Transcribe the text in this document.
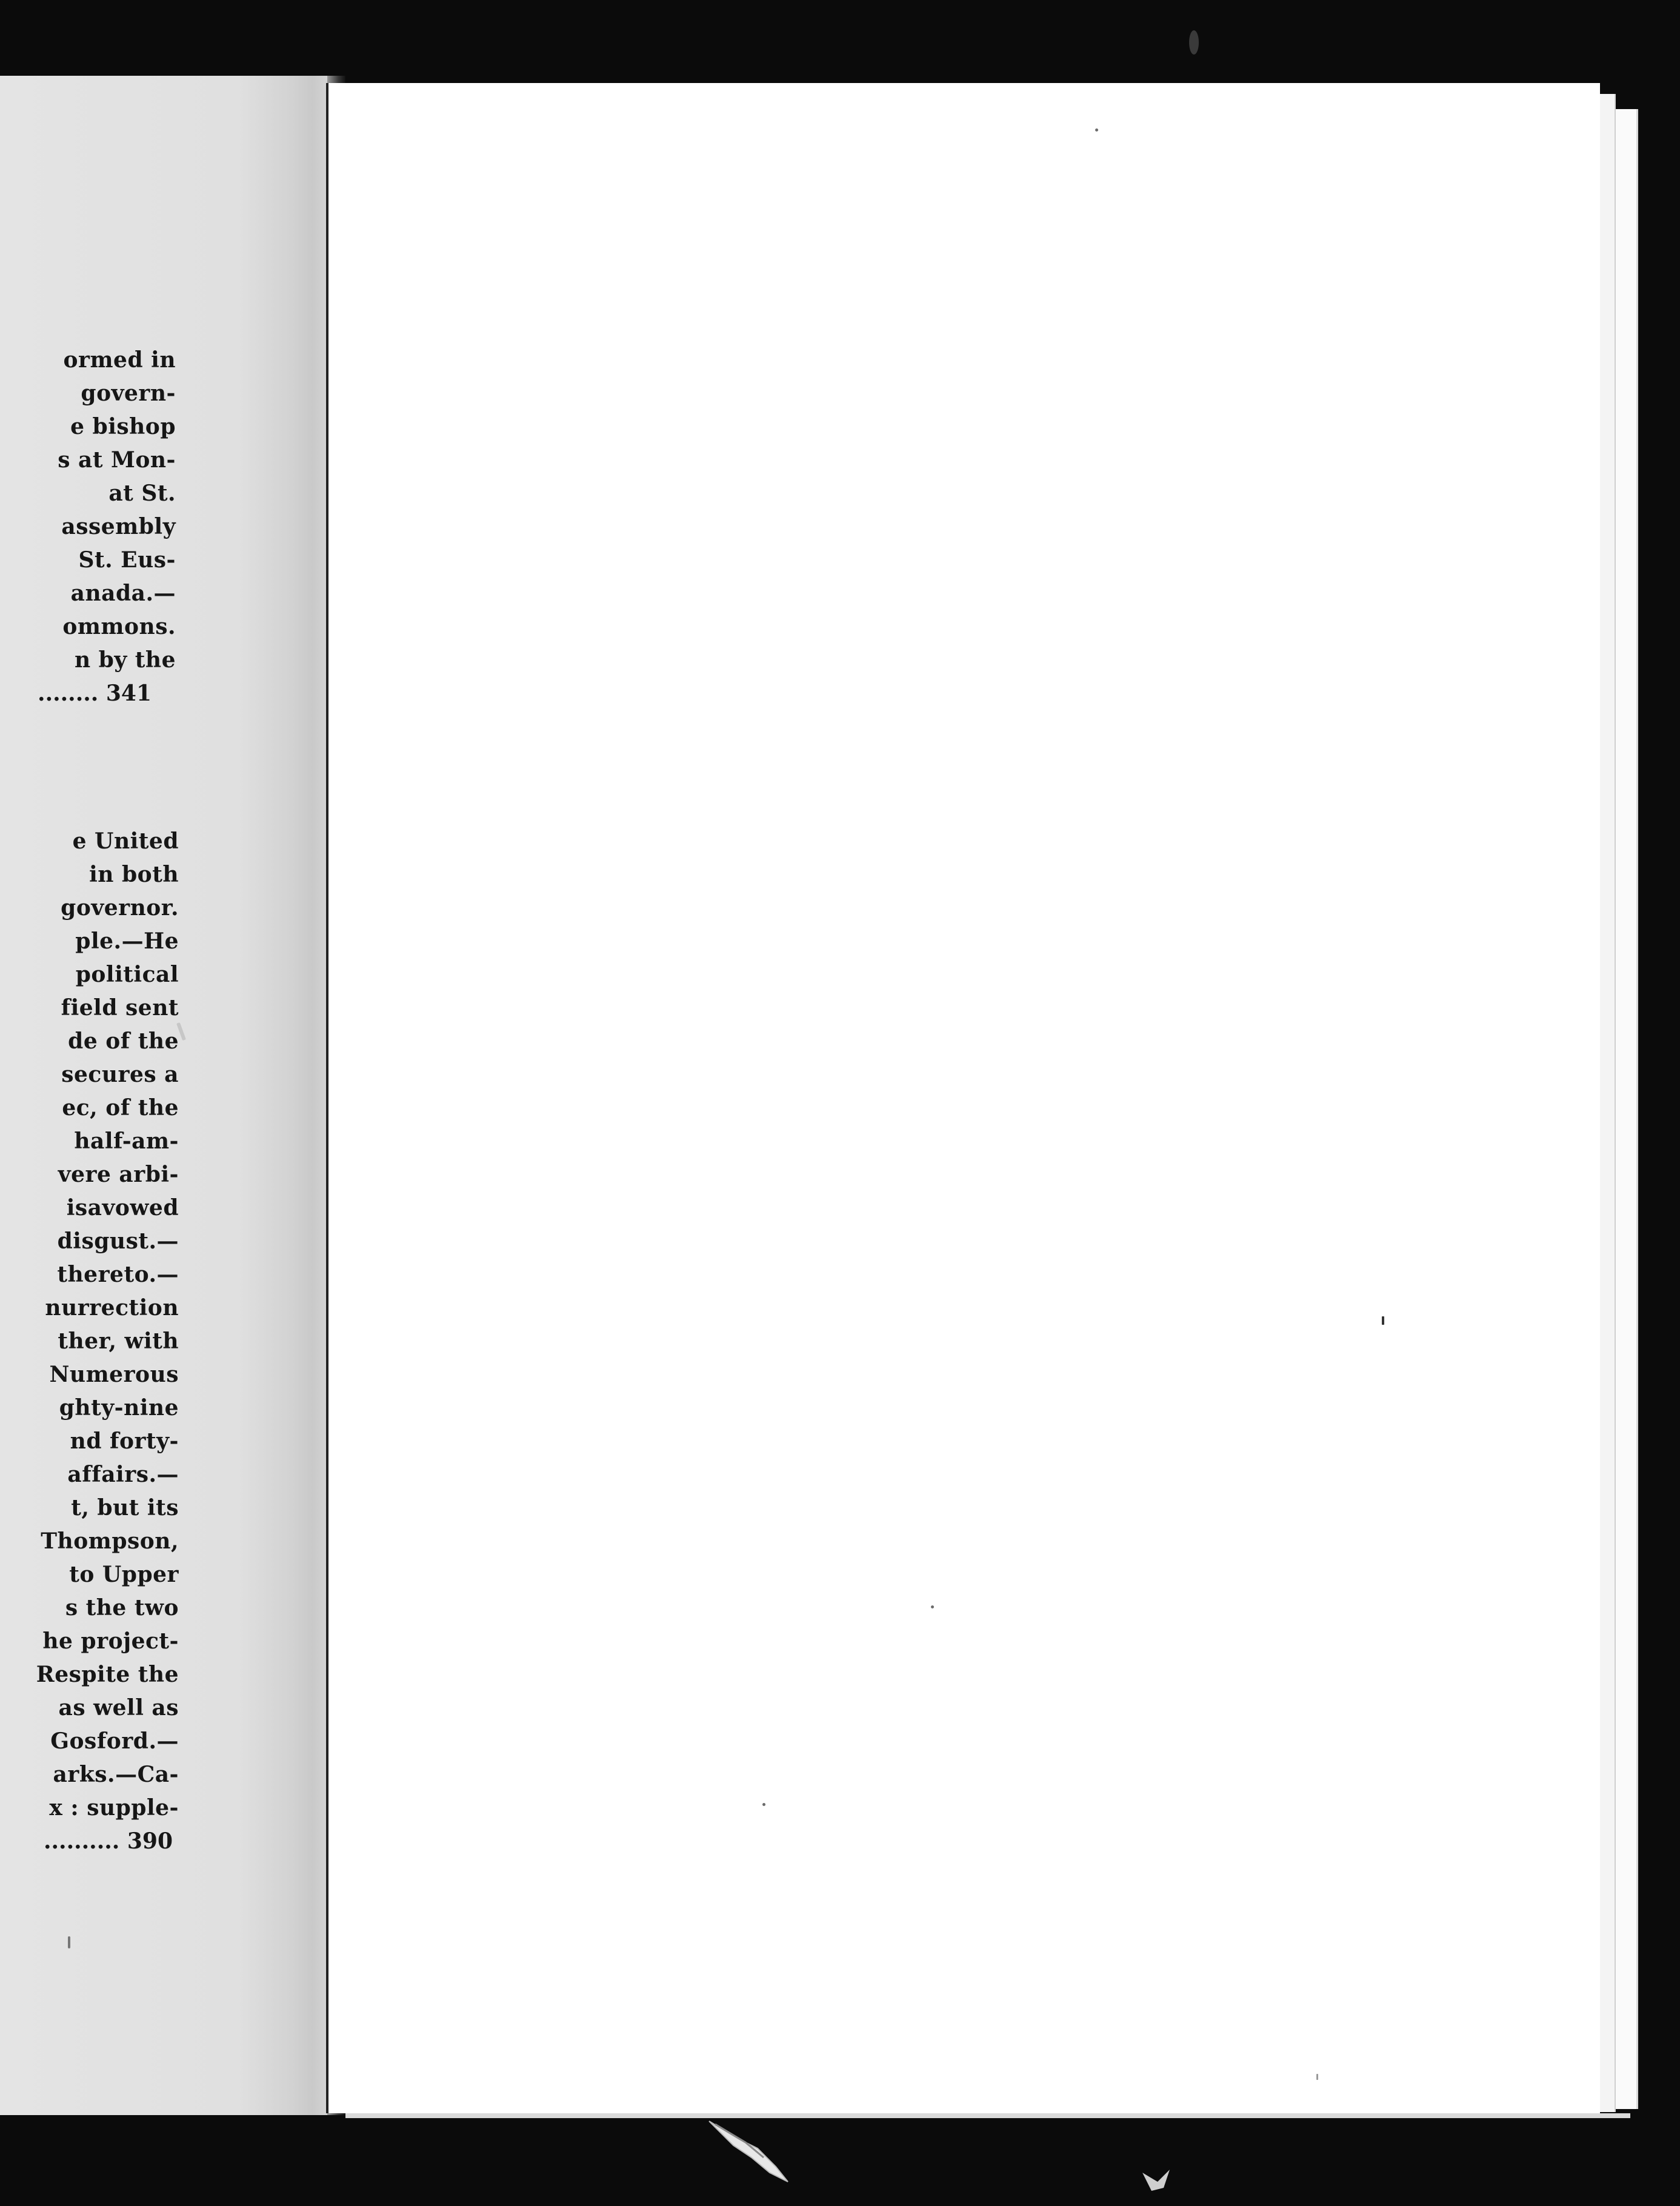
ormed in
govern-
e bishop
s at Mon-
at St.
assembly
St. Eus-
anada.—
ommons.
n by the
........ 341
e United
in both
governor.
ple.—He
political
field sent
de of the
secures a
ec, of the
half-am-
vere arbi-
isavowed
disgust.—
thereto.—
nurrection
ther, with
Numerous
ghty-nine
nd forty-
affairs.—
t, but its
Thompson,
to Upper
s the two
he project-
Respite the
as well as
Gosford.—
arks.—Ca-
x : supple-
.......... 390
